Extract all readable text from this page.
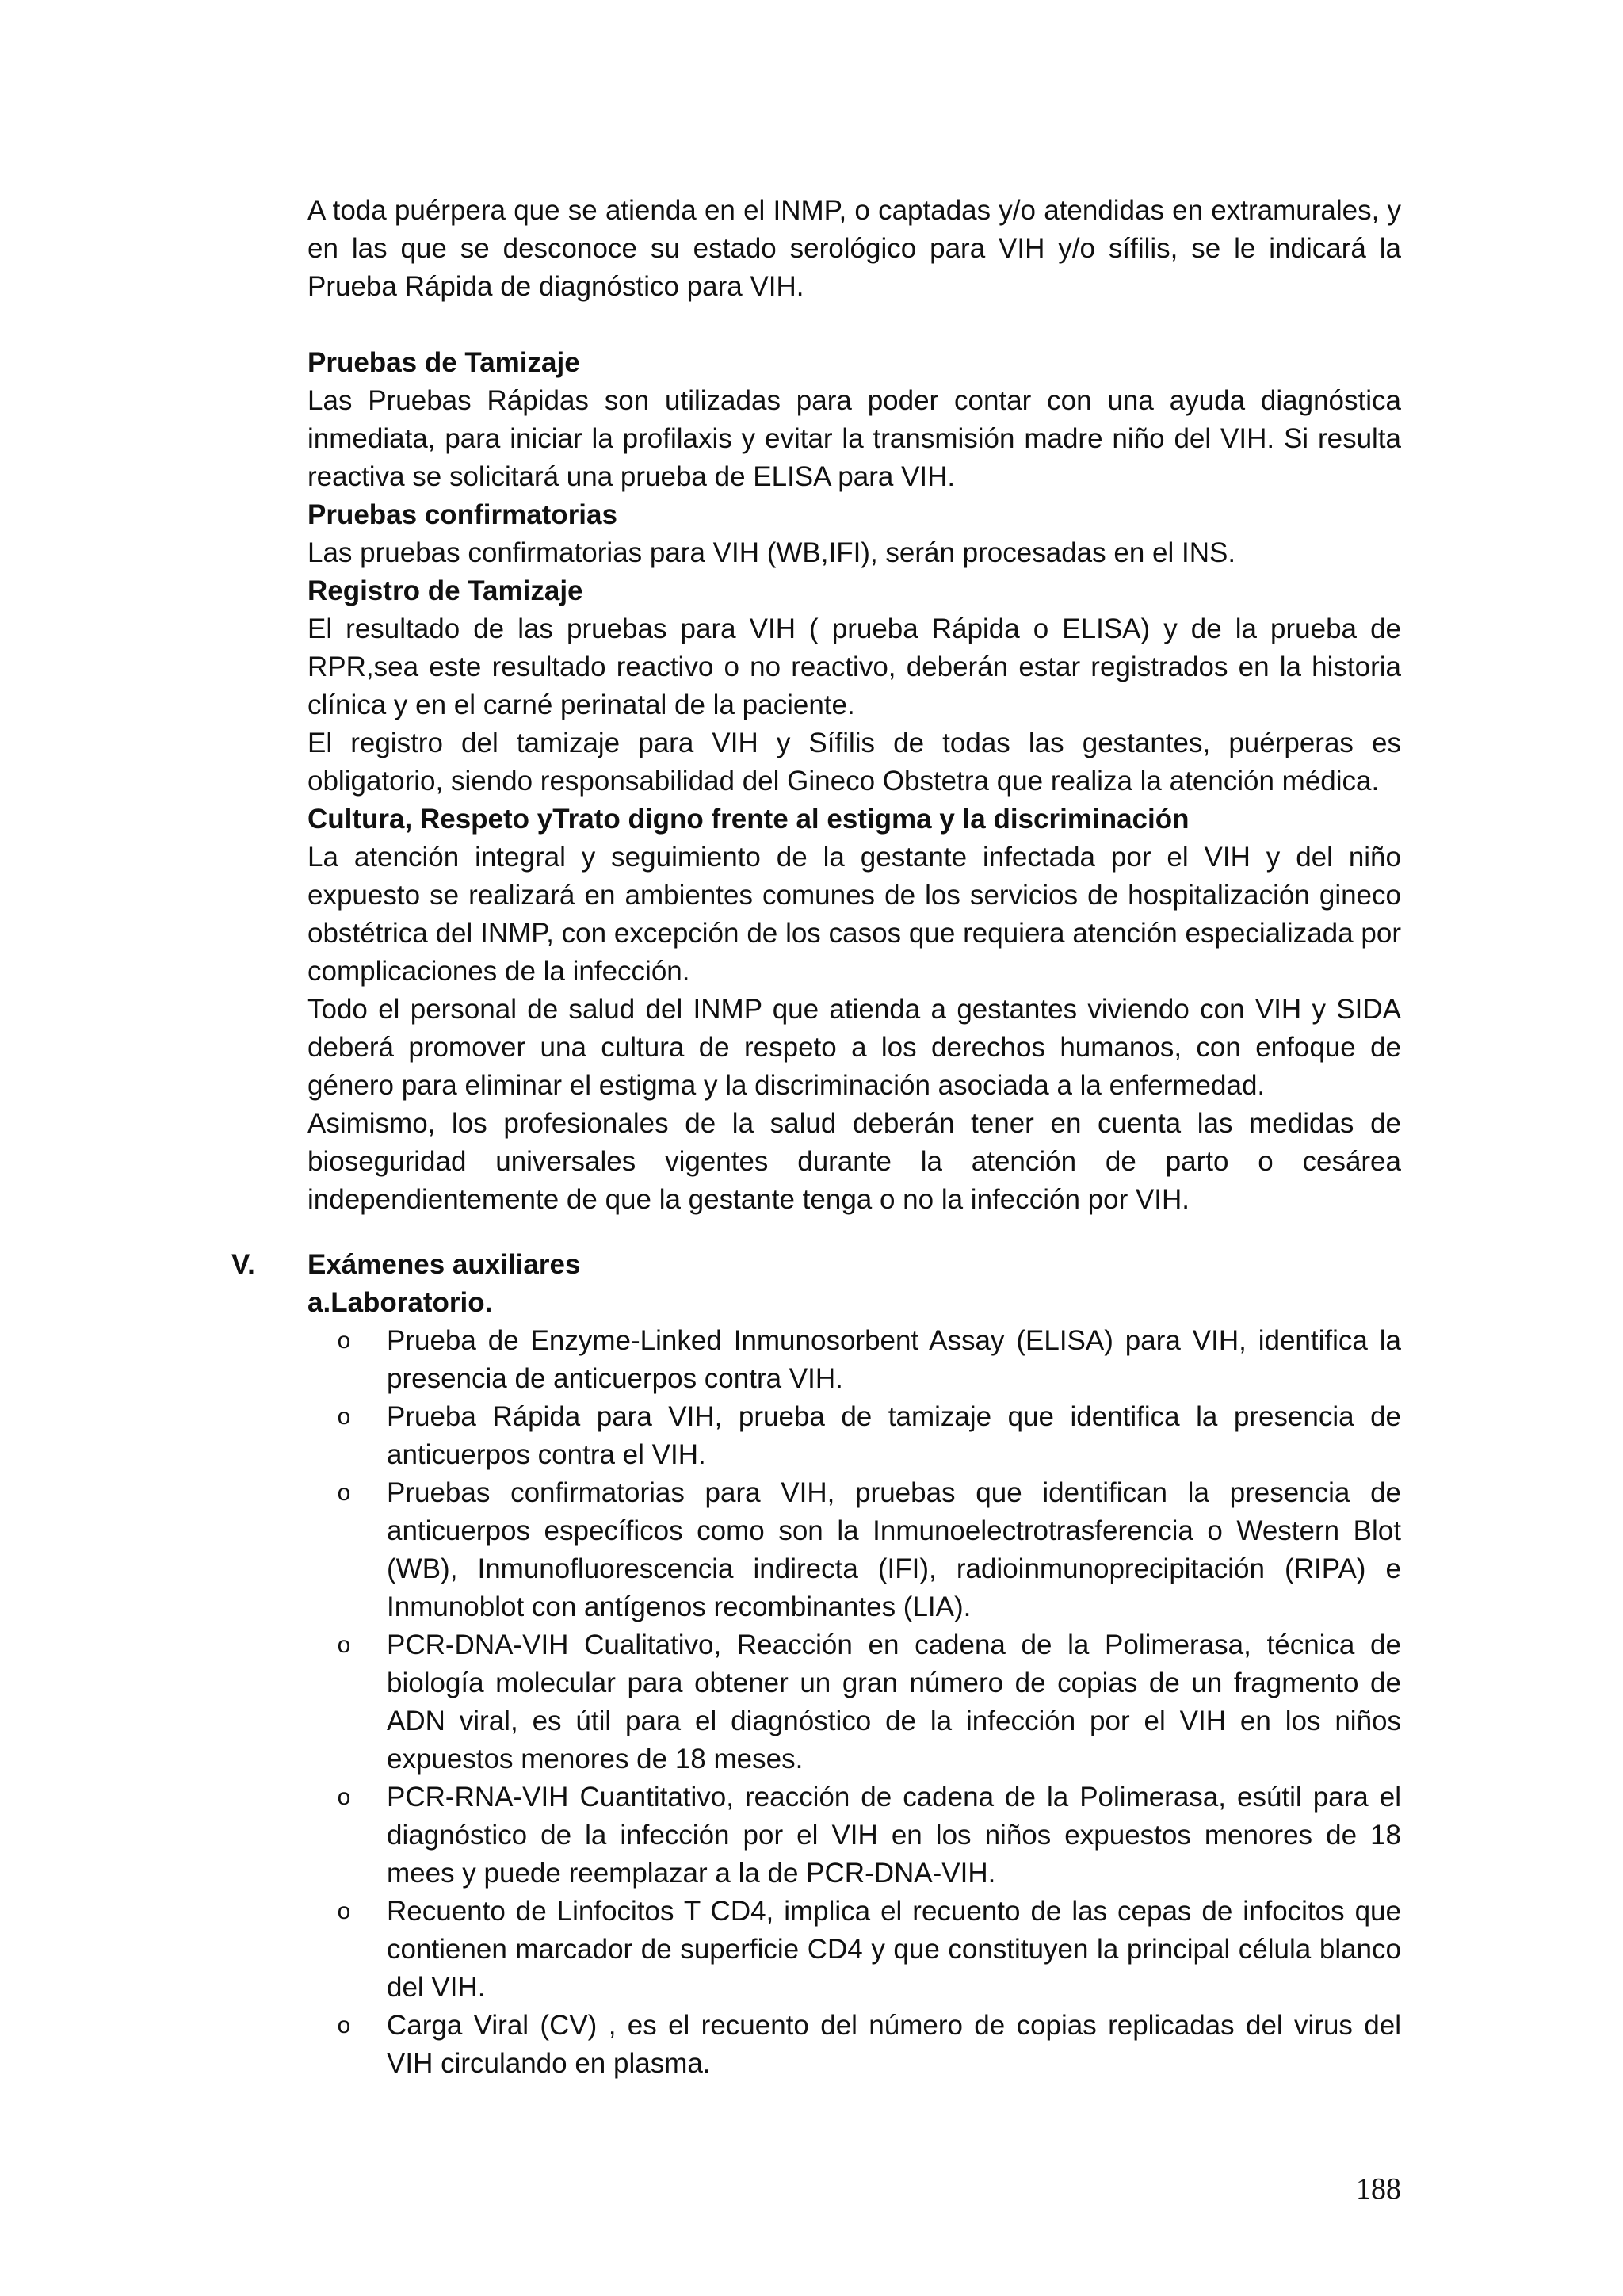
A toda puérpera que se atienda en el INMP, o captadas y/o atendidas en extramurales, y en las que se desconoce su estado serológico para VIH y/o sífilis, se le indicará la Prueba Rápida de diagnóstico para VIH.

Pruebas de Tamizaje

Las Pruebas Rápidas son utilizadas para poder contar con una ayuda diagnóstica inmediata, para iniciar la profilaxis y evitar la transmisión madre niño del VIH. Si resulta reactiva se solicitará una prueba de ELISA para VIH.

Pruebas confirmatorias

Las pruebas confirmatorias para VIH (WB,IFI), serán procesadas en el INS.

Registro de Tamizaje

El resultado de las pruebas para VIH ( prueba Rápida o ELISA) y de la prueba de RPR,sea este resultado reactivo o no reactivo, deberán estar registrados en la historia clínica y en el carné perinatal de la paciente.

El registro del tamizaje para VIH y Sífilis de todas las gestantes, puérperas es obligatorio, siendo responsabilidad del Gineco Obstetra que realiza la atención médica.

Cultura, Respeto yTrato digno frente al estigma y la discriminación

La atención integral y seguimiento de la gestante infectada por el VIH y del niño expuesto se realizará en ambientes comunes de los servicios de hospitalización gineco obstétrica del INMP, con excepción de los casos que requiera atención especializada por complicaciones de la infección.

Todo el personal de salud del INMP que atienda a gestantes viviendo con VIH y SIDA deberá promover una cultura de respeto a los derechos humanos, con enfoque de género para eliminar el estigma y la discriminación asociada a la enfermedad.

Asimismo, los profesionales de la salud deberán tener en cuenta las medidas de bioseguridad universales vigentes durante la atención de parto o cesárea independientemente de que la gestante tenga o no la infección por VIH.

V.	Exámenes auxiliares

a.Laboratorio.

o	Prueba de Enzyme-Linked Inmunosorbent Assay (ELISA) para VIH, identifica la presencia de anticuerpos contra VIH.
o	Prueba Rápida para VIH, prueba de tamizaje que identifica la presencia de anticuerpos contra el VIH.
o	Pruebas confirmatorias para VIH, pruebas que identifican la presencia de anticuerpos específicos como son la Inmunoelectrotrasferencia o Western Blot (WB), Inmunofluorescencia indirecta (IFI), radioinmunoprecipitación (RIPA) e Inmunoblot con antígenos recombinantes (LIA).
o	PCR-DNA-VIH Cualitativo, Reacción en cadena de la Polimerasa, técnica de biología molecular para obtener un gran número de copias de un fragmento de ADN viral, es útil para el diagnóstico de la infección por el VIH en los niños expuestos menores de 18 meses.
o	PCR-RNA-VIH Cuantitativo, reacción de cadena de la Polimerasa, esútil para el diagnóstico de la infección por el VIH en los niños expuestos menores de 18 mees y puede reemplazar a la de PCR-DNA-VIH.
o	Recuento de Linfocitos T CD4, implica el recuento de las cepas de infocitos que contienen marcador de superficie CD4 y que constituyen la principal célula blanco del VIH.
o	Carga Viral (CV) , es el recuento del número de copias replicadas del virus del VIH circulando en plasma.
188
